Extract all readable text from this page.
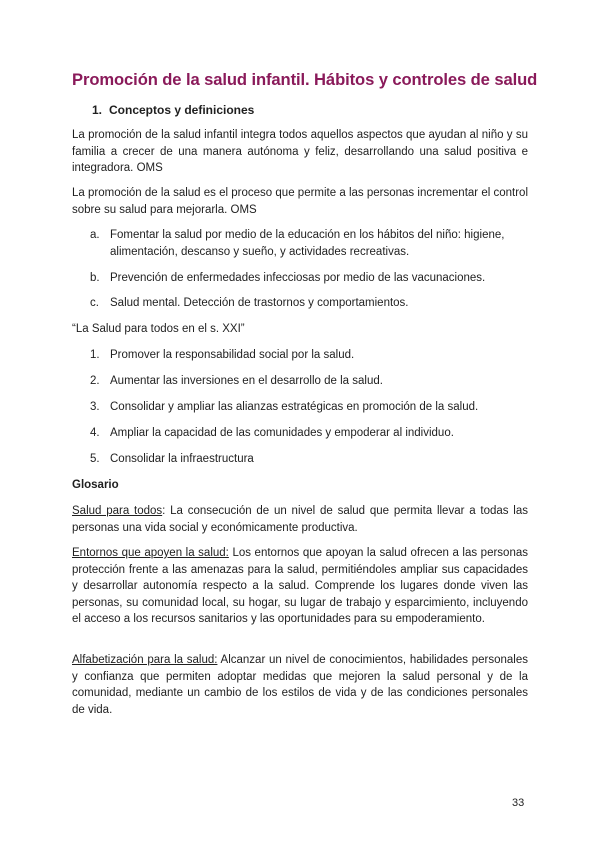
Promoción de la salud infantil. Hábitos y controles de salud
1. Conceptos y definiciones

La promoción de la salud infantil integra todos aquellos aspectos que ayudan al niño y su familia a crecer de una manera autónoma y feliz, desarrollando una salud positiva e integradora. OMS

La promoción de la salud es el proceso que permite a las personas incrementar el control sobre su salud para mejorarla. OMS

a. Fomentar la salud por medio de la educación en los hábitos del niño: higiene, alimentación, descanso y sueño, y actividades recreativas.
b. Prevención de enfermedades infecciosas por medio de las vacunaciones.
c. Salud mental. Detección de trastornos y comportamientos.

“La Salud para todos en el s. XXI”

1. Promover la responsabilidad social por la salud.
2. Aumentar las inversiones en el desarrollo de la salud.
3. Consolidar y ampliar las alianzas estratégicas en promoción de la salud.
4. Ampliar la capacidad de las comunidades y empoderar al individuo.
5. Consolidar la infraestructura

Glosario

Salud para todos: La consecución de un nivel de salud que permita llevar a todas las personas una vida social y económicamente productiva.

Entornos que apoyen la salud: Los entornos que apoyan la salud ofrecen a las personas protección frente a las amenazas para la salud, permitiéndoles ampliar sus capacidades y desarrollar autonomía respecto a la salud. Comprende los lugares donde viven las personas, su comunidad local, su hogar, su lugar de trabajo y esparcimiento, incluyendo el acceso a los recursos sanitarios y las oportunidades para su empoderamiento.

Alfabetización para la salud: Alcanzar un nivel de conocimientos, habilidades personales y confianza que permiten adoptar medidas que mejoren la salud personal y de la comunidad, mediante un cambio de los estilos de vida y de las condiciones personales de vida.

33
